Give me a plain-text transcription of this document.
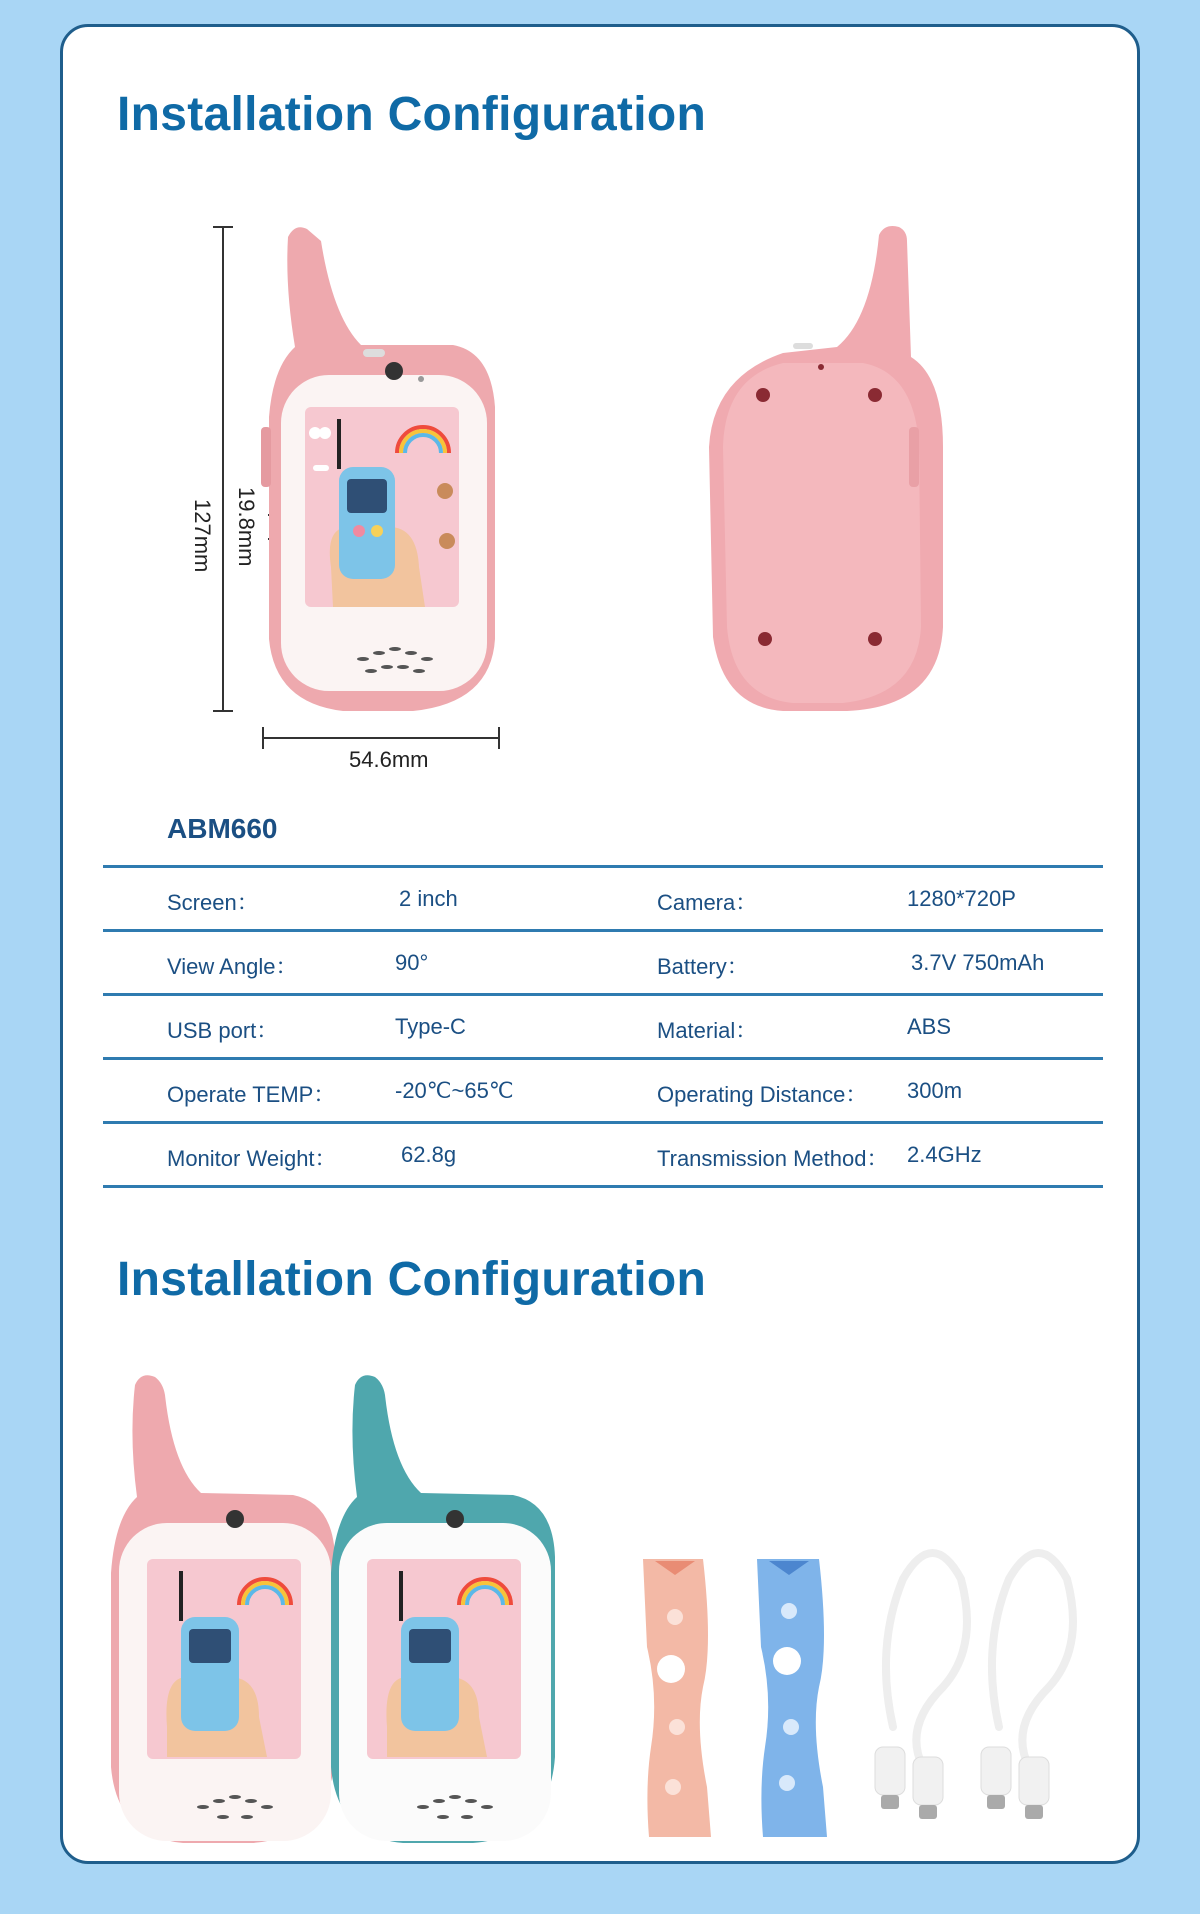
Installation Configuration
127mm 19.8mm
54.6mm
ABM660
Screen：	2 inch	Camera：	1280*720P
View Angle：	90°	Battery：	3.7V 750mAh
USB port：	Type-C	Material：	ABS
Operate TEMP：	-20℃~65℃	Operating Distance： 300m
Monitor Weight：	62.8g	Transmission Method： 2.4GHz
Installation Configuration
